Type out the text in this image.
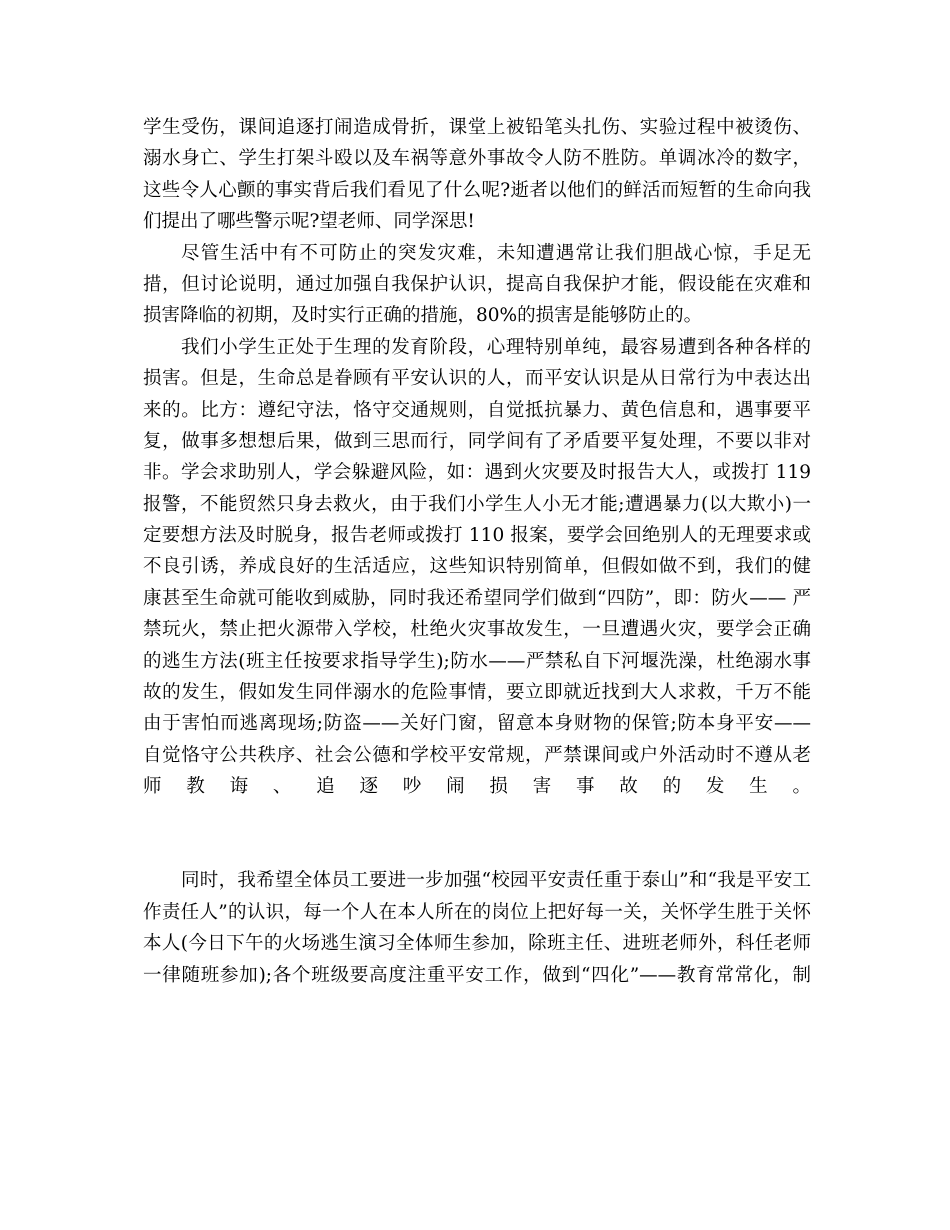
学生受伤，课间追逐打闹造成骨折，课堂上被铅笔头扎伤、实验过程中被烫伤、
溺水身亡、学生打架斗殴以及车祸等意外事故令人防不胜防。单调冰冷的数字，
这些令人心颤的事实背后我们看见了什么呢?逝者以他们的鲜活而短暂的生命向我
们提出了哪些警示呢?望老师、同学深思!
尽管生活中有不可防止的突发灾难，未知遭遇常让我们胆战心惊，手足无
措，但讨论说明，通过加强自我保护认识，提高自我保护才能，假设能在灾难和
损害降临的初期，及时实行正确的措施，80%的损害是能够防止的。
我们小学生正处于生理的发育阶段，心理特别单纯，最容易遭到各种各样的
损害。但是，生命总是眷顾有平安认识的人，而平安认识是从日常行为中表达出
来的。比方：遵纪守法，恪守交通规则，自觉抵抗暴力、黄色信息和，遇事要平
复，做事多想想后果，做到三思而行，同学间有了矛盾要平复处理，不要以非对
非。学会求助别人，学会躲避风险，如：遇到火灾要及时报告大人，或拨打 119
报警，不能贸然只身去救火，由于我们小学生人小无才能;遭遇暴力(以大欺小)一
定要想方法及时脱身，报告老师或拨打 110 报案，要学会回绝别人的无理要求或
不良引诱，养成良好的生活适应，这些知识特别简单，但假如做不到，我们的健
康甚至生命就可能收到威胁，同时我还希望同学们做到“四防”，即：防火—— 严
禁玩火，禁止把火源带入学校，杜绝火灾事故发生，一旦遭遇火灾，要学会正确
的逃生方法(班主任按要求指导学生);防水——严禁私自下河堰洗澡，杜绝溺水事
故的发生，假如发生同伴溺水的危险事情，要立即就近找到大人求救，千万不能
由于害怕而逃离现场;防盗——关好门窗，留意本身财物的保管;防本身平安——
自觉恪守公共秩序、社会公德和学校平安常规，严禁课间或户外活动时不遵从老
师教诲、追逐吵闹损害事故的发生。
同时，我希望全体员工要进一步加强“校园平安责任重于泰山”和“我是平安工
作责任人”的认识，每一个人在本人所在的岗位上把好每一关，关怀学生胜于关怀
本人(今日下午的火场逃生演习全体师生参加，除班主任、进班老师外，科任老师
一律随班参加);各个班级要高度注重平安工作，做到“四化”——教育常常化，制
